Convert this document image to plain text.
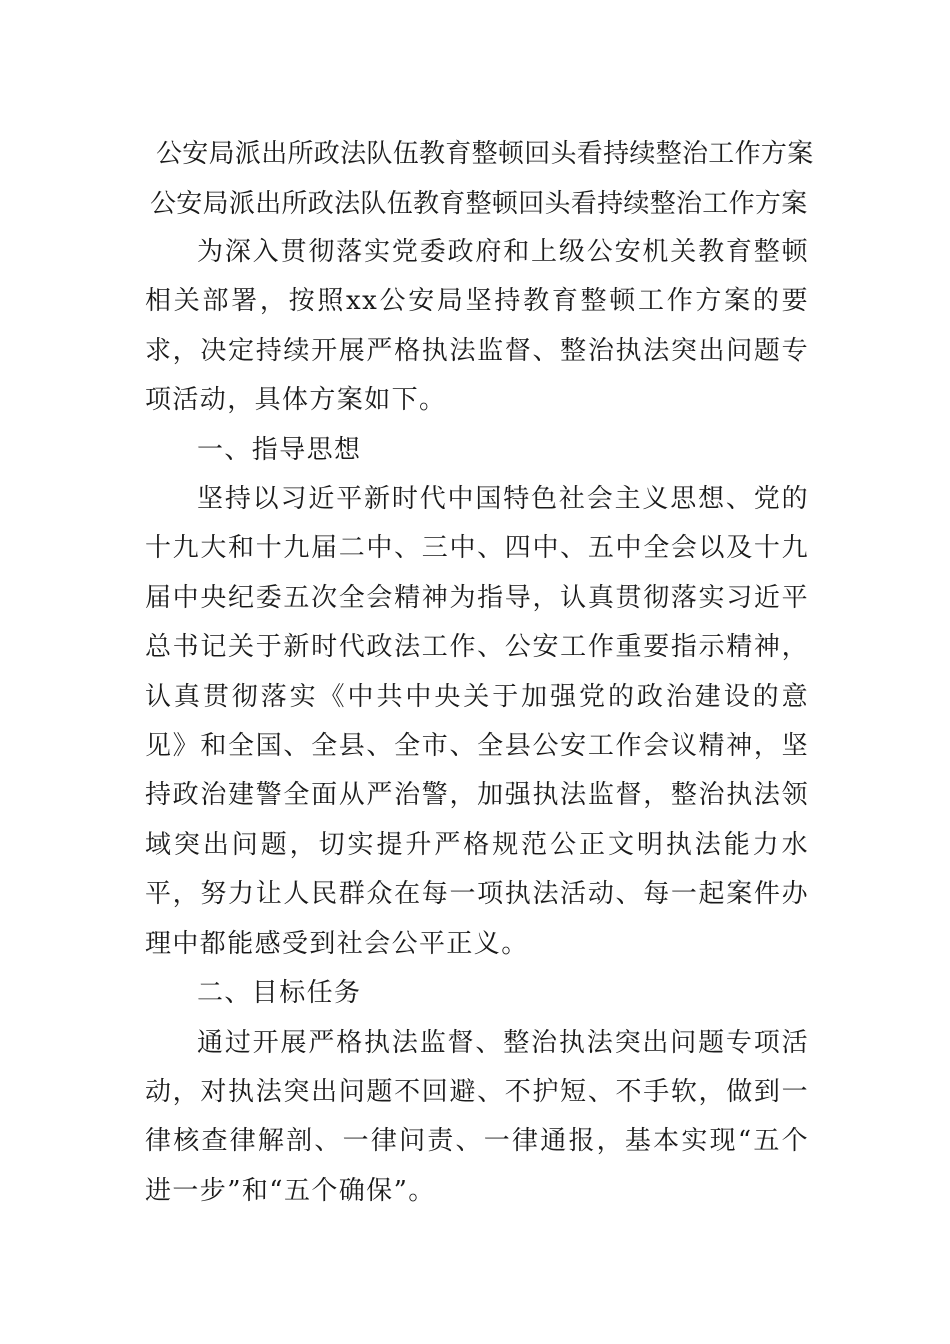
公安局派出所政法队伍教育整顿回头看持续整治工作方案
公安局派出所政法队伍教育整顿回头看持续整治工作方案

为深入贯彻落实党委政府和上级公安机关教育整顿相关部署，按照xx公安局坚持教育整顿工作方案的要求，决定持续开展严格执法监督、整治执法突出问题专项活动，具体方案如下。

一、指导思想

坚持以习近平新时代中国特色社会主义思想、党的十九大和十九届二中、三中、四中、五中全会以及十九届中央纪委五次全会精神为指导，认真贯彻落实习近平总书记关于新时代政法工作、公安工作重要指示精神，认真贯彻落实《中共中央关于加强党的政治建设的意见》和全国、全县、全市、全县公安工作会议精神，坚持政治建警全面从严治警，加强执法监督，整治执法领域突出问题，切实提升严格规范公正文明执法能力水平，努力让人民群众在每一项执法活动、每一起案件办理中都能感受到社会公平正义。

二、目标任务

通过开展严格执法监督、整治执法突出问题专项活动，对执法突出问题不回避、不护短、不手软，做到一律核查律解剖、一律问责、一律通报，基本实现“五个进一步”和“五个确保”。
